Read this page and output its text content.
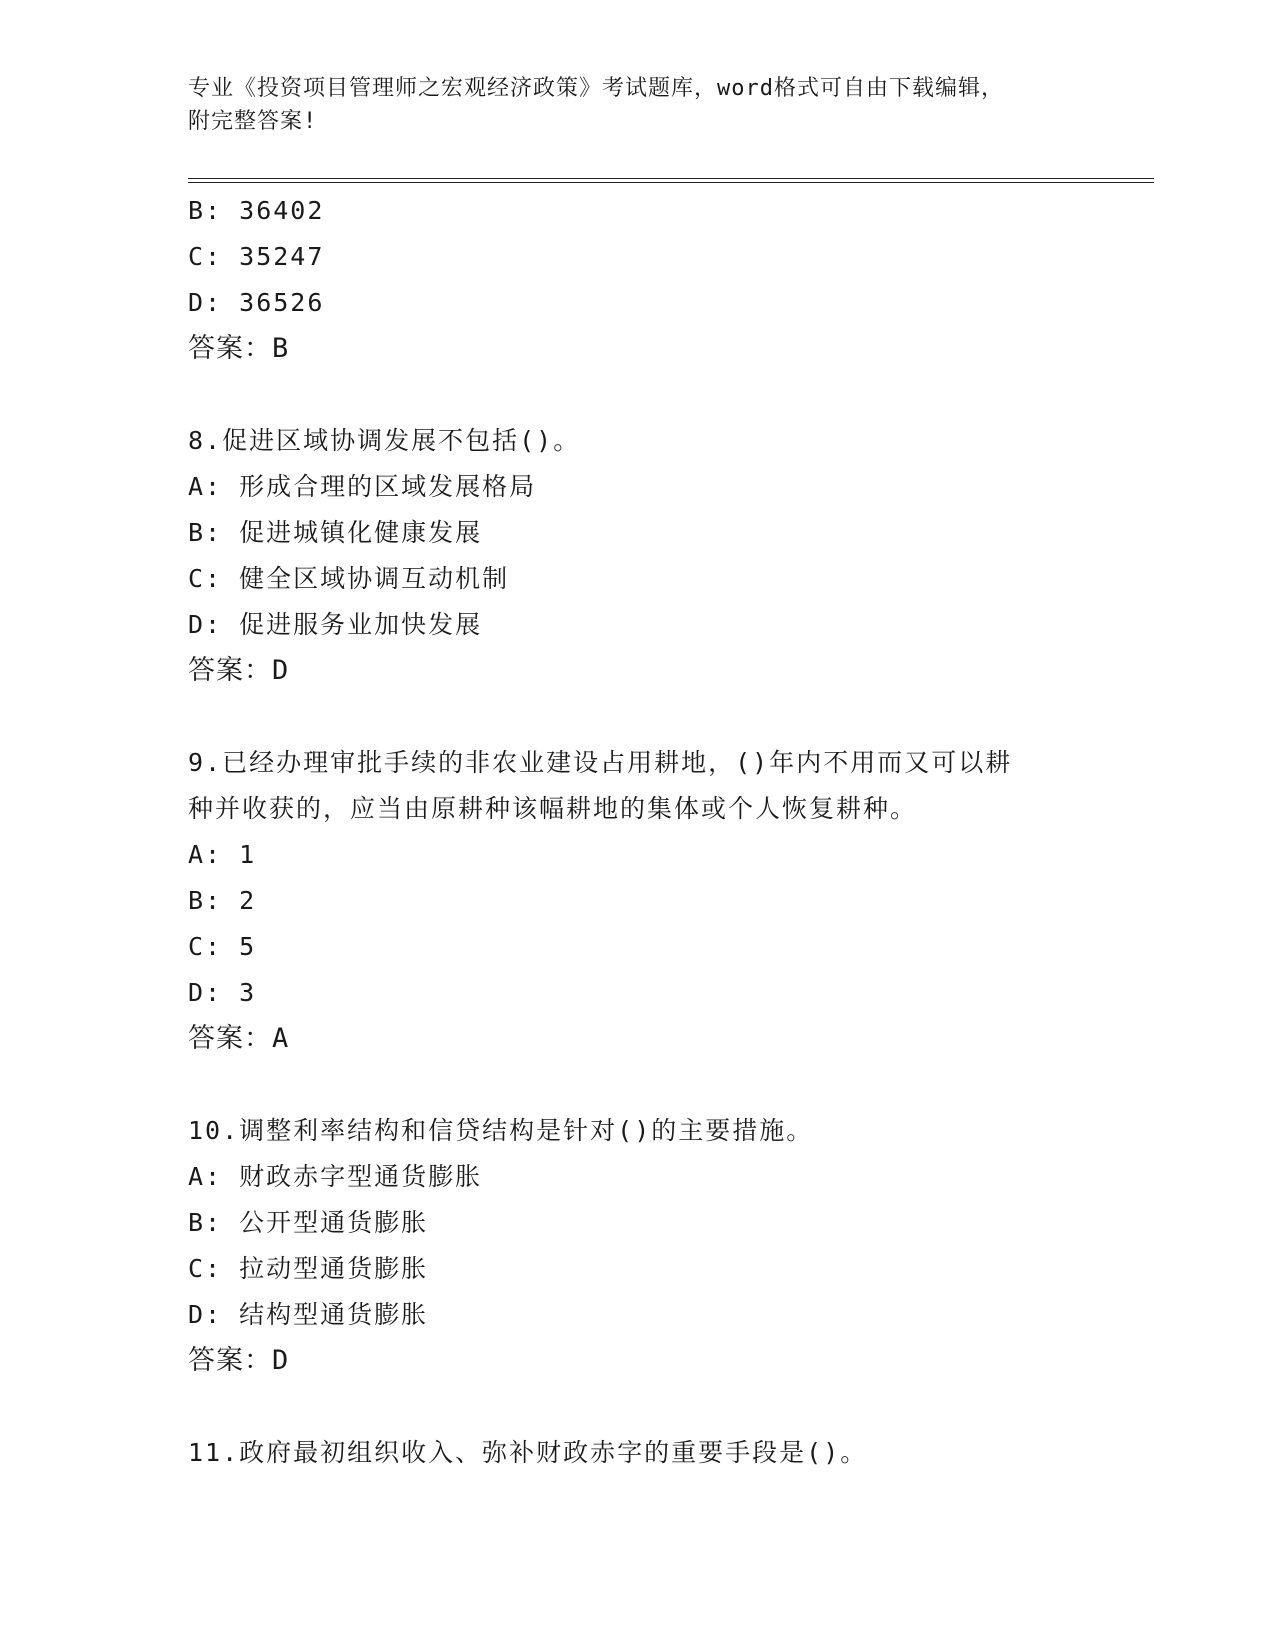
专业《投资项目管理师之宏观经济政策》考试题库，word格式可自由下载编辑，
附完整答案!
B: 36402
C: 35247
D: 36526
答案：B
8.促进区域协调发展不包括()。
A: 形成合理的区域发展格局
B: 促进城镇化健康发展
C: 健全区域协调互动机制
D: 促进服务业加快发展
答案：D
9.已经办理审批手续的非农业建设占用耕地，()年内不用而又可以耕
种并收获的，应当由原耕种该幅耕地的集体或个人恢复耕种。
A: 1
B: 2
C: 5
D: 3
答案：A
10.调整利率结构和信贷结构是针对()的主要措施。
A: 财政赤字型通货膨胀
B: 公开型通货膨胀
C: 拉动型通货膨胀
D: 结构型通货膨胀
答案：D
11.政府最初组织收入、弥补财政赤字的重要手段是()。
